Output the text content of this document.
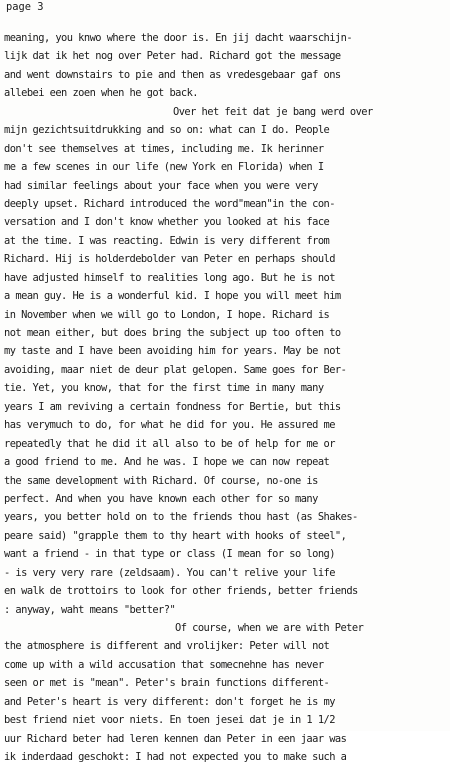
page 3
meaning, you knwo where the door is. En jij dacht waarschijn-
lijk dat ik het nog over Peter had. Richard got the message
and went downstairs to pie and then as vredesgebaar gaf ons
allebei een zoen when he got back.
Over het feit dat je bang werd over
mijn gezichtsuitdrukking and so on: what can I do. People
don't see themselves at times, including me. Ik herinner
me a few scenes in our life (new York en Florida) when I
had similar feelings about your face when you were very
deeply upset. Richard introduced the word"mean"in the con-
versation and I don't know whether you looked at his face
at the time. I was reacting. Edwin is very different from
Richard. Hij is holderdebolder van Peter en perhaps should
have adjusted himself to realities long ago. But he is not
a mean guy. He is a wonderful kid. I hope you will meet him
in November when we will go to London, I hope. Richard is
not mean either, but does bring the subject up too often to
my taste and I have been avoiding him for years. May be not
avoiding, maar niet de deur plat gelopen. Same goes for Ber-
tie. Yet, you know, that for the first time in many many
years I am reviving a certain fondness for Bertie, but this
has verymuch to do, for what he did for you. He assured me
repeatedly that he did it all also to be of help for me or
a good friend to me. And he was. I hope we can now repeat
the same development with Richard. Of course, no-one is
perfect. And when you have known each other for so many
years, you better hold on to the friends thou hast (as Shakes-
peare said) "grapple them to thy heart with hooks of steel",
want a friend - in that type or class (I mean for so long)
- is very very rare (zeldsaam). You can't relive your life
en walk de trottoirs to look for other friends, better friends
: anyway, waht means "better?"
Of course, when we are with Peter
the atmosphere is different and vrolijker: Peter will not
come up with a wild accusation that somecnehne has never
seen or met is "mean". Peter's brain functions different-
and Peter's heart is very different: don't forget he is my
best friend niet voor niets. En toen jesei dat je in 1 1/2
uur Richard beter had leren kennen dan Peter in een jaar was
ik inderdaad geschokt: I had not expected you to make such a
